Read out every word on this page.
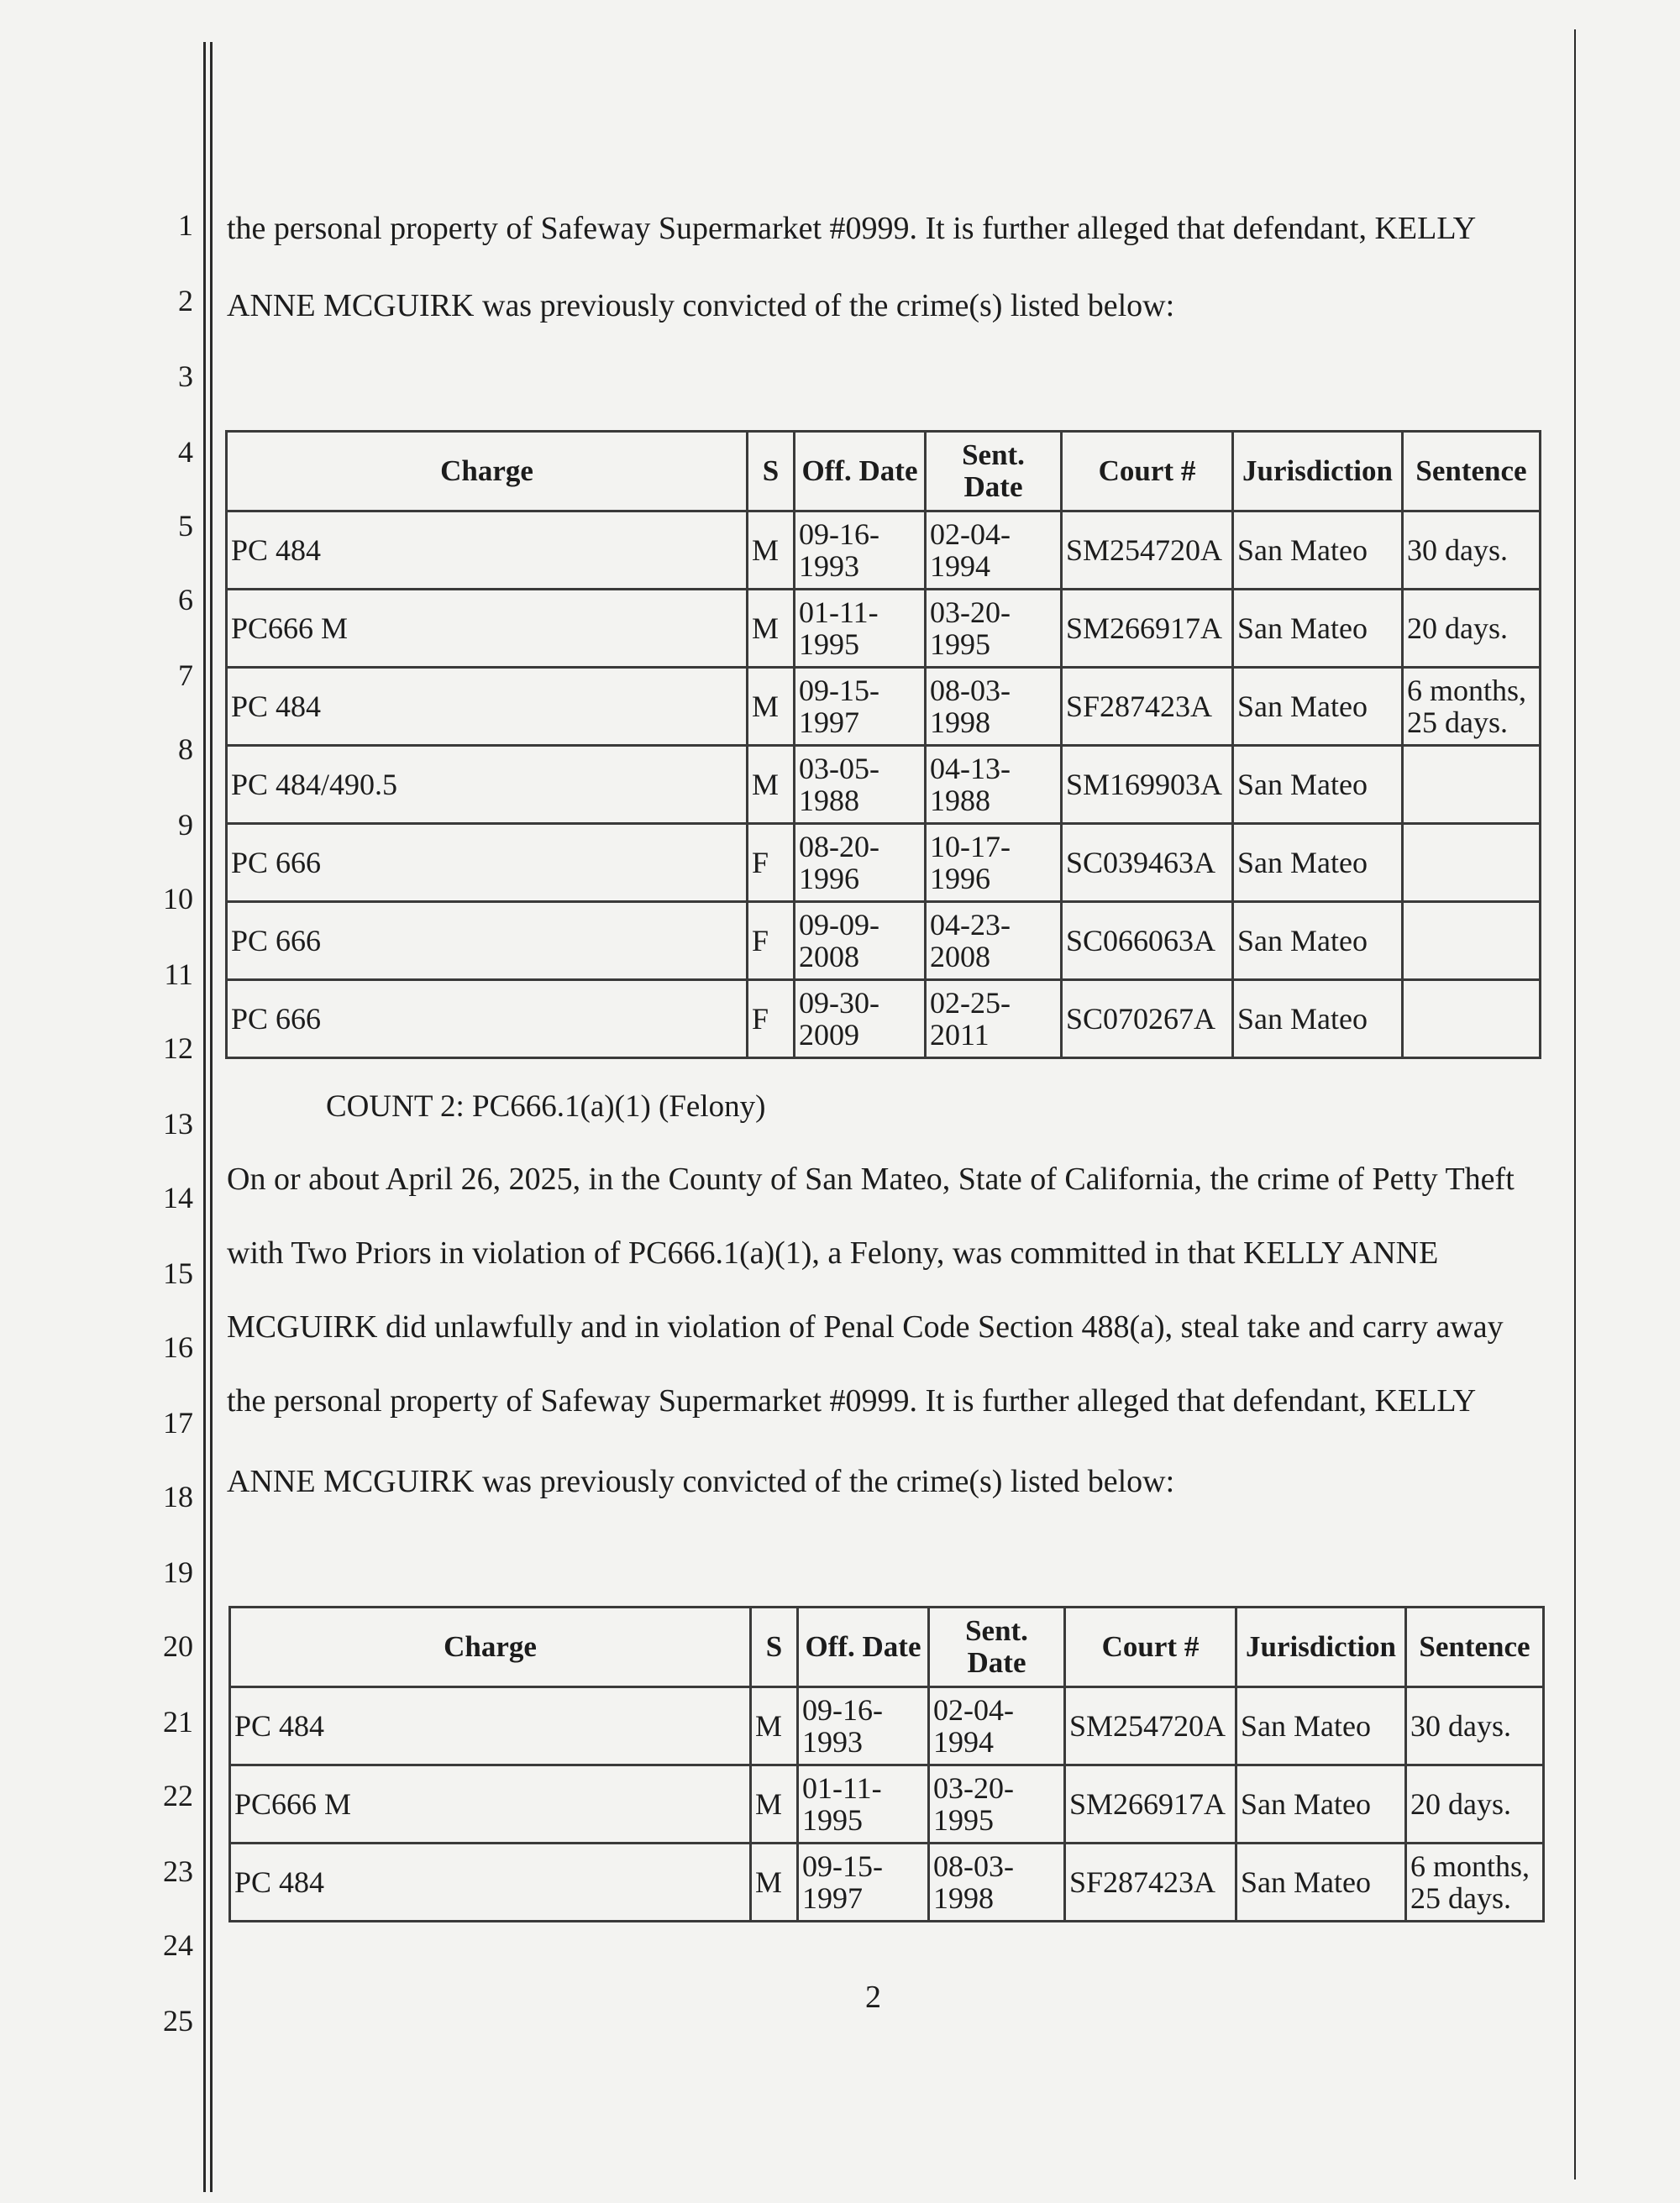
1
2
3
4
5
6
7
8
9
10
11
12
13
14
15
16
17
18
19
20
21
22
23
24
25
the personal property of Safeway Supermarket #0999. It is further alleged that defendant, KELLY
ANNE MCGUIRK was previously convicted of the crime(s) listed below:
Charge	S	Off. Date	Sent. Date	Court #	Jurisdiction	Sentence
PC 484	M	09-16- 1993	02-04- 1994	SM254720A	San Mateo	30 days.
PC666 M	M	01-11- 1995	03-20- 1995	SM266917A	San Mateo	20 days.
PC 484	M	09-15- 1997	08-03- 1998	SF287423A	San Mateo	6 months, 25 days.
PC 484/490.5	M	03-05- 1988	04-13- 1988	SM169903A	San Mateo	
PC 666	F	08-20- 1996	10-17- 1996	SC039463A	San Mateo	
PC 666	F	09-09- 2008	04-23- 2008	SC066063A	San Mateo	
PC 666	F	09-30- 2009	02-25- 2011	SC070267A	San Mateo	
COUNT 2: PC666.1(a)(1) (Felony)
On or about April 26, 2025, in the County of San Mateo, State of California, the crime of Petty Theft
with Two Priors in violation of PC666.1(a)(1), a Felony, was committed in that KELLY ANNE
MCGUIRK did unlawfully and in violation of Penal Code Section 488(a), steal take and carry away
the personal property of Safeway Supermarket #0999. It is further alleged that defendant, KELLY
ANNE MCGUIRK was previously convicted of the crime(s) listed below:
Charge	S	Off. Date	Sent. Date	Court #	Jurisdiction	Sentence
PC 484	M	09-16- 1993	02-04- 1994	SM254720A	San Mateo	30 days.
PC666 M	M	01-11- 1995	03-20- 1995	SM266917A	San Mateo	20 days.
PC 484	M	09-15- 1997	08-03- 1998	SF287423A	San Mateo	6 months, 25 days.
2
